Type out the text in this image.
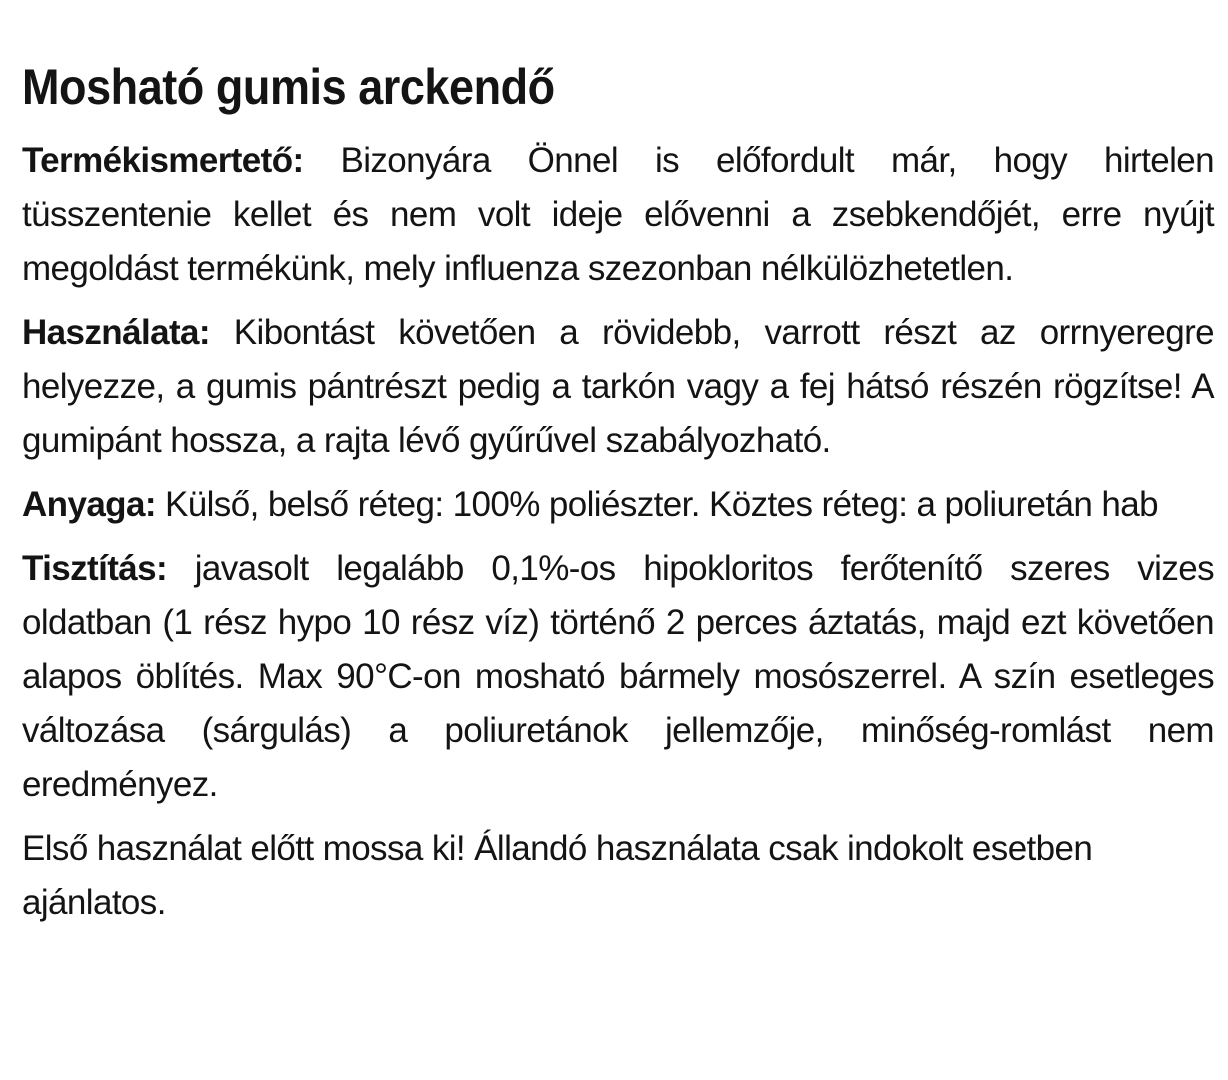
Mosható gumis arckendő

Termékismertető: Bizonyára Önnel is előfordult már, hogy hirtelen tüsszentenie kellet és nem volt ideje elővenni a zsebkendőjét, erre nyújt megoldást termékünk, mely influenza szezonban nélkülözhetetlen.

Használata: Kibontást követően a rövidebb, varrott részt az orrnyeregre helyezze, a gumis pántrészt pedig a tarkón vagy a fej hátsó részén rögzítse! A gumipánt hossza, a rajta lévő gyűrűvel szabályozható.

Anyaga: Külső, belső réteg: 100% poliészter. Köztes réteg: a poliuretán hab

Tisztítás: javasolt legalább 0,1%-os hipokloritos ferőtenítő szeres vizes oldatban (1 rész hypo 10 rész víz) történő 2 perces áztatás, majd ezt követően alapos öblítés. Max 90°C-on mosható bármely mosószerrel. A szín esetleges változása (sárgulás) a poliuretánok jellemzője, minőség-romlást nem eredményez.

Első használat előtt mossa ki! Állandó használata csak indokolt esetben ajánlatos.
